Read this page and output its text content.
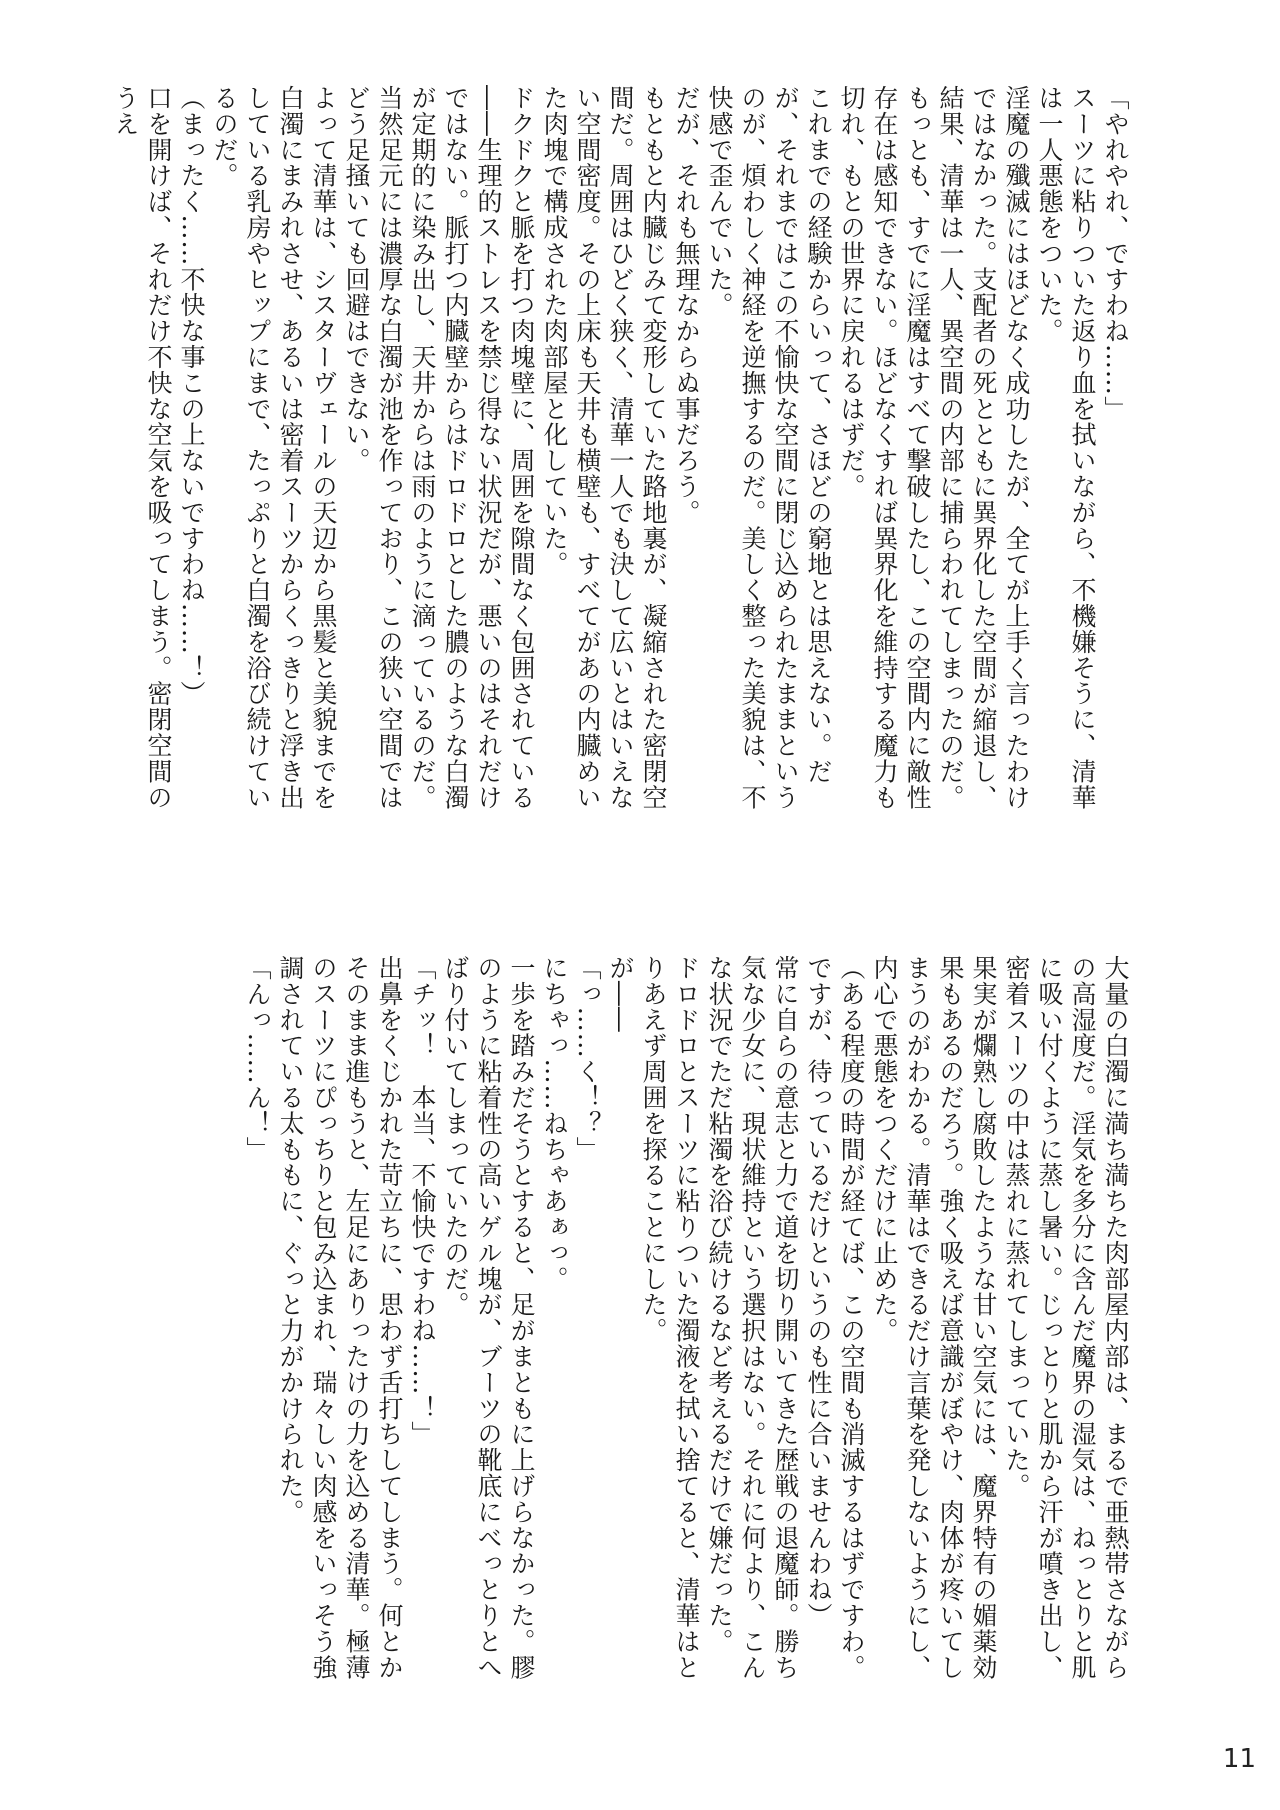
「やれやれ、ですわね……」
スーツに粘りついた返り血を拭いながら、不機嫌そうに、清華は一人悪態をついた。
淫魔の殲滅にはほどなく成功したが、全てが上手く言ったわけではなかった。支配者の死とともに異界化した空間が縮退し、結果、清華は一人、異空間の内部に捕らわれてしまったのだ。
もっとも、すでに淫魔はすべて撃破したし、この空間内に敵性存在は感知できない。ほどなくすれば異界化を維持する魔力も切れ、もとの世界に戻れるはずだ。
これまでの経験からいって、さほどの窮地とは思えない。だが、それまではこの不愉快な空間に閉じ込められたままというのが、煩わしく神経を逆撫するのだ。美しく整った美貌は、不快感で歪んでいた。
だが、それも無理なからぬ事だろう。
もともと内臓じみて変形していた路地裏が、凝縮された密閉空間だ。周囲はひどく狭く、清華一人でも決して広いとはいえない空間密度。その上床も天井も横壁も、すべてがあの内臓めいた肉塊で構成された肉部屋と化していた。
ドクドクと脈を打つ肉塊壁に、周囲を隙間なく包囲されている――生理的ストレスを禁じ得ない状況だが、悪いのはそれだけではない。脈打つ内臓壁からはドロドロとした膿のような白濁が定期的に染み出し、天井からは雨のように滴っているのだ。当然足元には濃厚な白濁が池を作っており、この狭い空間ではどう足掻いても回避はできない。
よって清華は、シスターヴェールの天辺から黒髪と美貌までを白濁にまみれさせ、あるいは密着スーツからくっきりと浮き出している乳房やヒップにまで、たっぷりと白濁を浴び続けているのだ。
（まったく……不快な事この上ないですわね……！）
口を開けば、それだけ不快な空気を吸ってしまう。密閉空間のうえ
大量の白濁に満ち満ちた肉部屋内部は、まるで亜熱帯さながらの高湿度だ。淫気を多分に含んだ魔界の湿気は、ねっとりと肌に吸い付くように蒸し暑い。じっとりと肌から汗が噴き出し、密着スーツの中は蒸れに蒸れてしまっていた。
果実が爛熟し腐敗したような甘い空気には、魔界特有の媚薬効果もあるのだろう。強く吸えば意識がぼやけ、肉体が疼いてしまうのがわかる。清華はできるだけ言葉を発しないようにし、内心で悪態をつくだけに止めた。
（ある程度の時間が経てば、この空間も消滅するはずですわ。ですが、待っているだけというのも性に合いませんわね）
常に自らの意志と力で道を切り開いてきた歴戦の退魔師。勝ち気な少女に、現状維持という選択はない。それに何より、こんな状況でただ粘濁を浴び続けるなど考えるだけで嫌だった。
ドロドロとスーツに粘りついた濁液を拭い捨てると、清華はとりあえず周囲を探ることにした。
が――
「っ……く！？」
にちゃっ……ねちゃあぁっ。
一歩を踏みだそうとすると、足がまともに上げらなかった。膠のように粘着性の高いゲル塊が、ブーツの靴底にべっとりとへばり付いてしまっていたのだ。
「チッ！　本当、不愉快ですわね……！」
出鼻をくじかれた苛立ちに、思わず舌打ちしてしまう。何とかそのまま進もうと、左足にありったけの力を込める清華。極薄のスーツにぴっちりと包み込まれ、瑞々しい肉感をいっそう強調されている太ももに、ぐっと力がかけられた。
「んっ……ん！」
11
